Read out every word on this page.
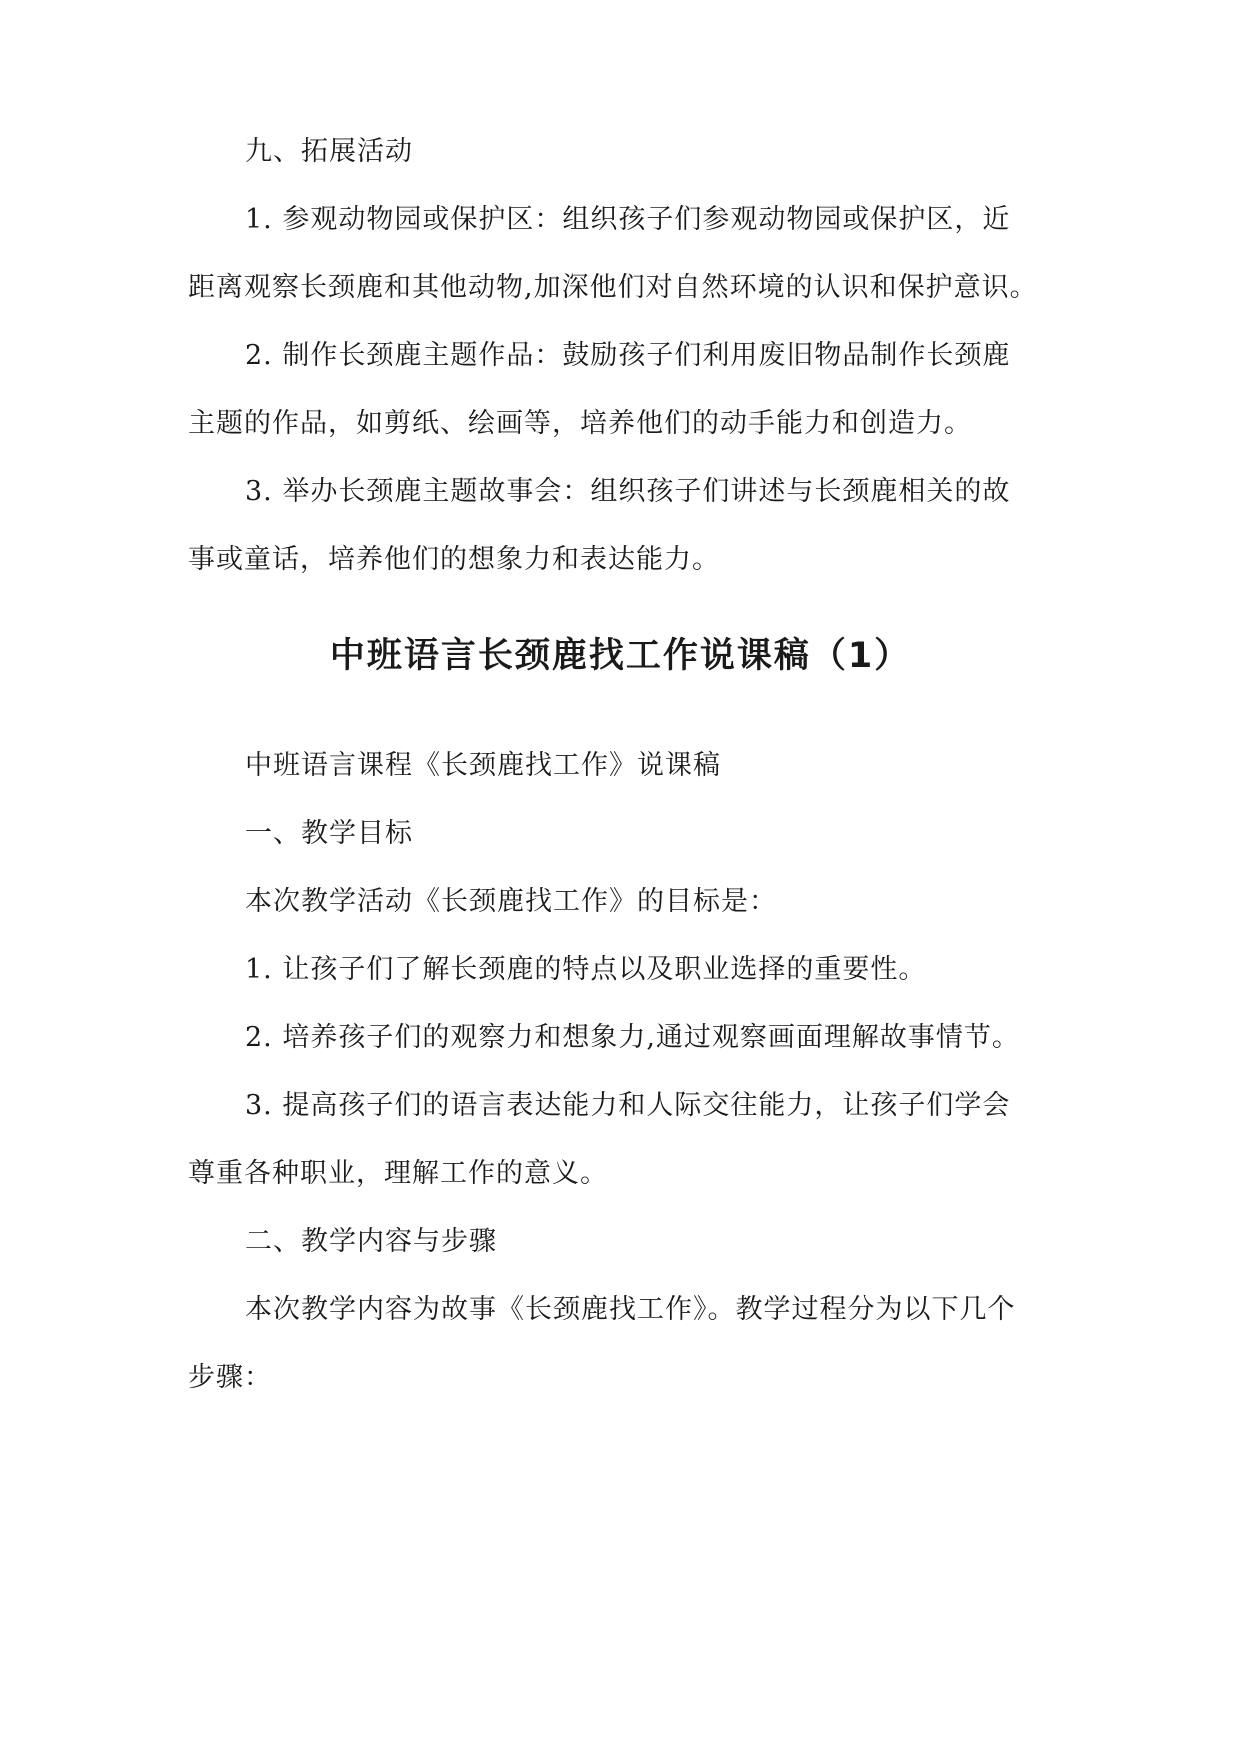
九、拓展活动
1. 参观动物园或保护区：组织孩子们参观动物园或保护区，近
距离观察长颈鹿和其他动物,加深他们对自然环境的认识和保护意识。
2. 制作长颈鹿主题作品：鼓励孩子们利用废旧物品制作长颈鹿
主题的作品，如剪纸、绘画等，培养他们的动手能力和创造力。
3. 举办长颈鹿主题故事会：组织孩子们讲述与长颈鹿相关的故
事或童话，培养他们的想象力和表达能力。
中班语言长颈鹿找工作说课稿（1）
中班语言课程《长颈鹿找工作》说课稿
一、教学目标
本次教学活动《长颈鹿找工作》的目标是：
1. 让孩子们了解长颈鹿的特点以及职业选择的重要性。
2. 培养孩子们的观察力和想象力,通过观察画面理解故事情节。
3. 提高孩子们的语言表达能力和人际交往能力，让孩子们学会
尊重各种职业，理解工作的意义。
二、教学内容与步骤
本次教学内容为故事《长颈鹿找工作》。教学过程分为以下几个
步骤：
